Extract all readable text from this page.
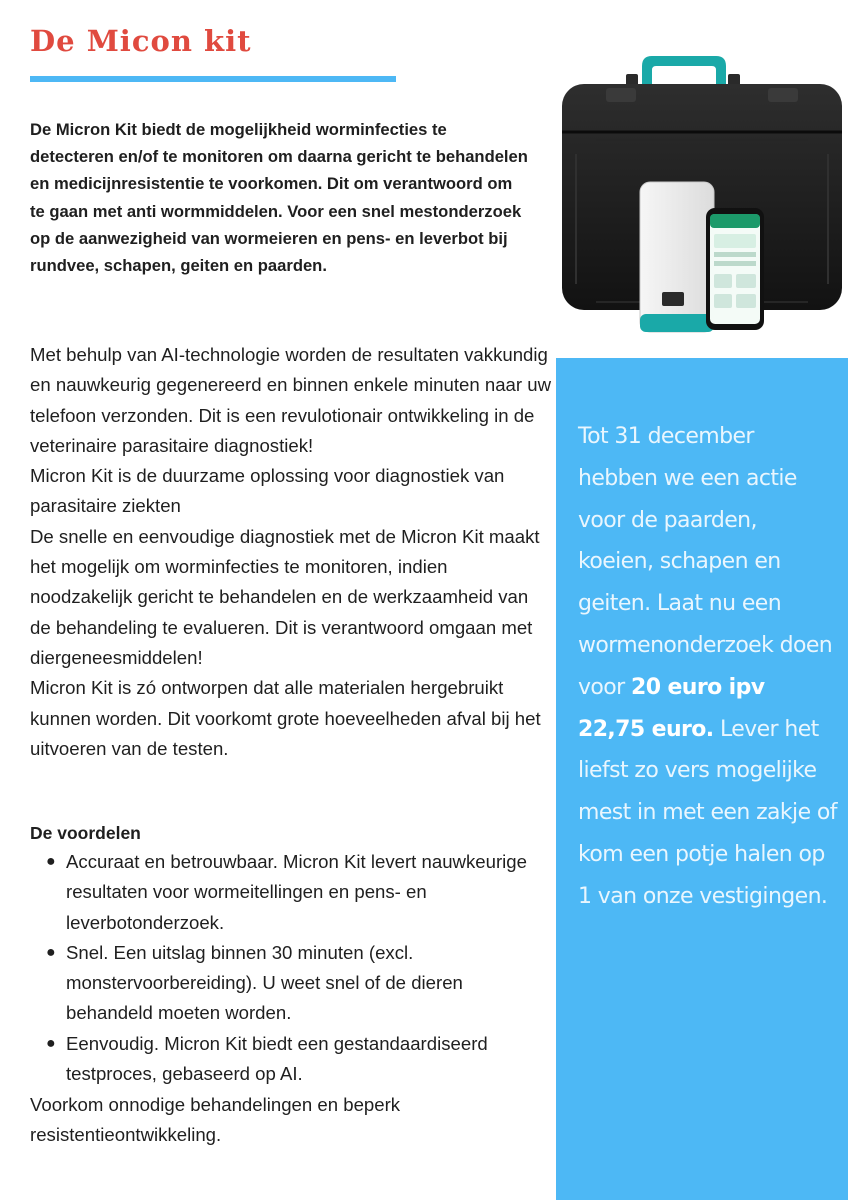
De Micon kit

De Micron Kit biedt de mogelijkheid worminfecties te detecteren en/of te monitoren om daarna gericht te behandelen en medicijnresistentie te voorkomen. Dit om verantwoord om te gaan met anti wormmiddelen. Voor een snel mestonderzoek op de aanwezigheid van wormeieren en pens- en leverbot bij rundvee, schapen, geiten en paarden.

Met behulp van AI-technologie worden de resultaten vakkundig en nauwkeurig gegenereerd en binnen enkele minuten naar uw telefoon verzonden. Dit is een revulotionair ontwikkeling in de veterinaire parasitaire diagnostiek!

Micron Kit is de duurzame oplossing voor diagnostiek van parasitaire ziekten

De snelle en eenvoudige diagnostiek met de Micron Kit maakt het mogelijk om worminfecties te monitoren, indien noodzakelijk gericht te behandelen en de werkzaamheid van de behandeling te evalueren. Dit is verantwoord omgaan met diergeneesmiddelen!

Micron Kit is zó ontworpen dat alle materialen hergebruikt kunnen worden. Dit voorkomt grote hoeveelheden afval bij het uitvoeren van de testen.

De voordelen
● Accuraat en betrouwbaar. Micron Kit levert nauwkeurige resultaten voor wormeitellingen en pens- en leverbotonderzoek.
● Snel. Een uitslag binnen 30 minuten (excl. monstervoorbereiding). U weet snel of de dieren behandeld moeten worden.
● Eenvoudig. Micron Kit biedt een gestandaardiseerd testproces, gebaseerd op AI.

Voorkom onnodige behandelingen en beperk resistentieontwikkeling.

Tot 31 december hebben we een actie voor de paarden, koeien, schapen en geiten. Laat nu een wormenonderzoek doen voor 20 euro ipv 22,75 euro. Lever het liefst zo vers mogelijke mest in met een zakje of kom een potje halen op 1 van onze vestigingen.
